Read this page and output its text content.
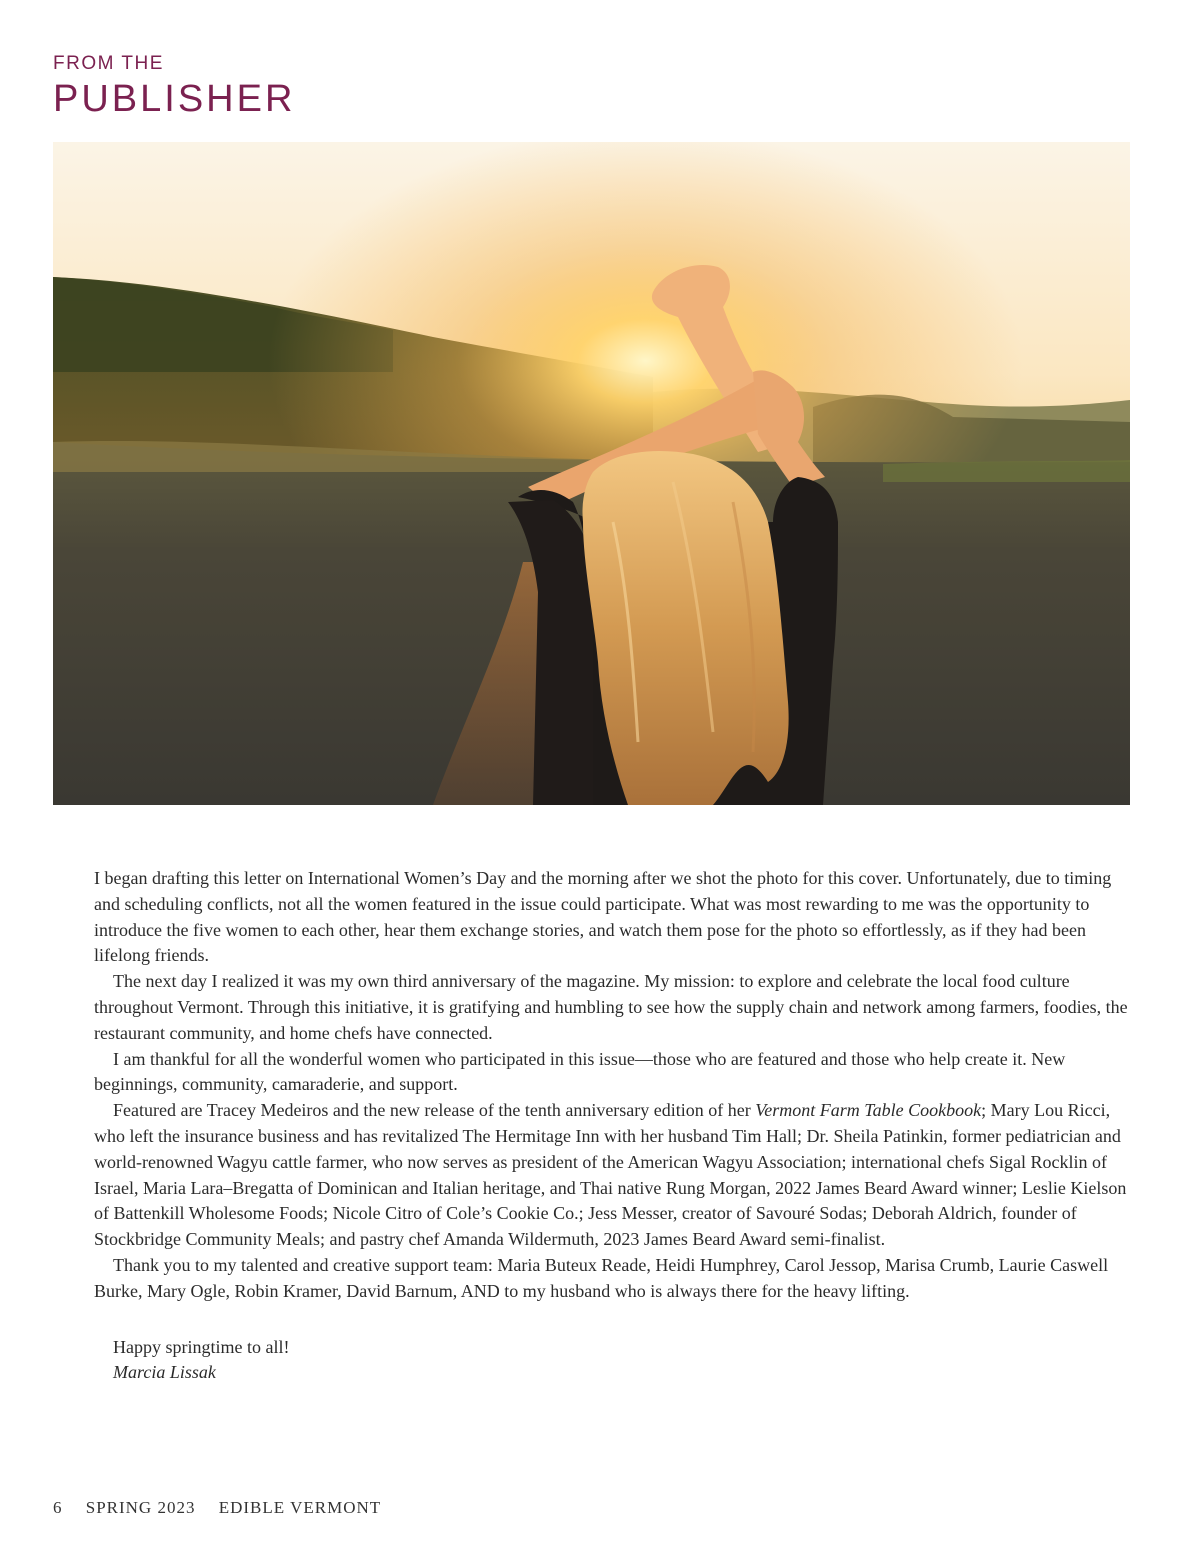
FROM THE
PUBLISHER

I began drafting this letter on International Women’s Day and the morning after we shot the photo for this cover. Unfortunately, due to timing and scheduling conflicts, not all the women featured in the issue could participate. What was most rewarding to me was the opportunity to introduce the five women to each other, hear them exchange stories, and watch them pose for the photo so effortlessly, as if they had been lifelong friends.

The next day I realized it was my own third anniversary of the magazine. My mission: to explore and celebrate the local food culture throughout Vermont. Through this initiative, it is gratifying and humbling to see how the supply chain and network among farmers, foodies, the restaurant community, and home chefs have connected.

I am thankful for all the wonderful women who participated in this issue—those who are featured and those who help create it. New beginnings, community, camaraderie, and support.

Featured are Tracey Medeiros and the new release of the tenth anniversary edition of her Vermont Farm Table Cookbook; Mary Lou Ricci, who left the insurance business and has revitalized The Hermitage Inn with her husband Tim Hall; Dr. Sheila Patinkin, former pediatrician and world-renowned Wagyu cattle farmer, who now serves as president of the American Wagyu Association; international chefs Sigal Rocklin of Israel, Maria Lara–Bregatta of Dominican and Italian heritage, and Thai native Rung Morgan, 2022 James Beard Award winner; Leslie Kielson of Battenkill Wholesome Foods; Nicole Citro of Cole’s Cookie Co.; Jess Messer, creator of Savouré Sodas; Deborah Aldrich, founder of Stockbridge Community Meals; and pastry chef Amanda Wildermuth, 2023 James Beard Award semi-finalist.

Thank you to my talented and creative support team: Maria Buteux Reade, Heidi Humphrey, Carol Jessop, Marisa Crumb, Laurie Caswell Burke, Mary Ogle, Robin Kramer, David Barnum, AND to my husband who is always there for the heavy lifting.

Happy springtime to all!
Marcia Lissak
6 SPRING 2023 EDIBLE VERMONT
